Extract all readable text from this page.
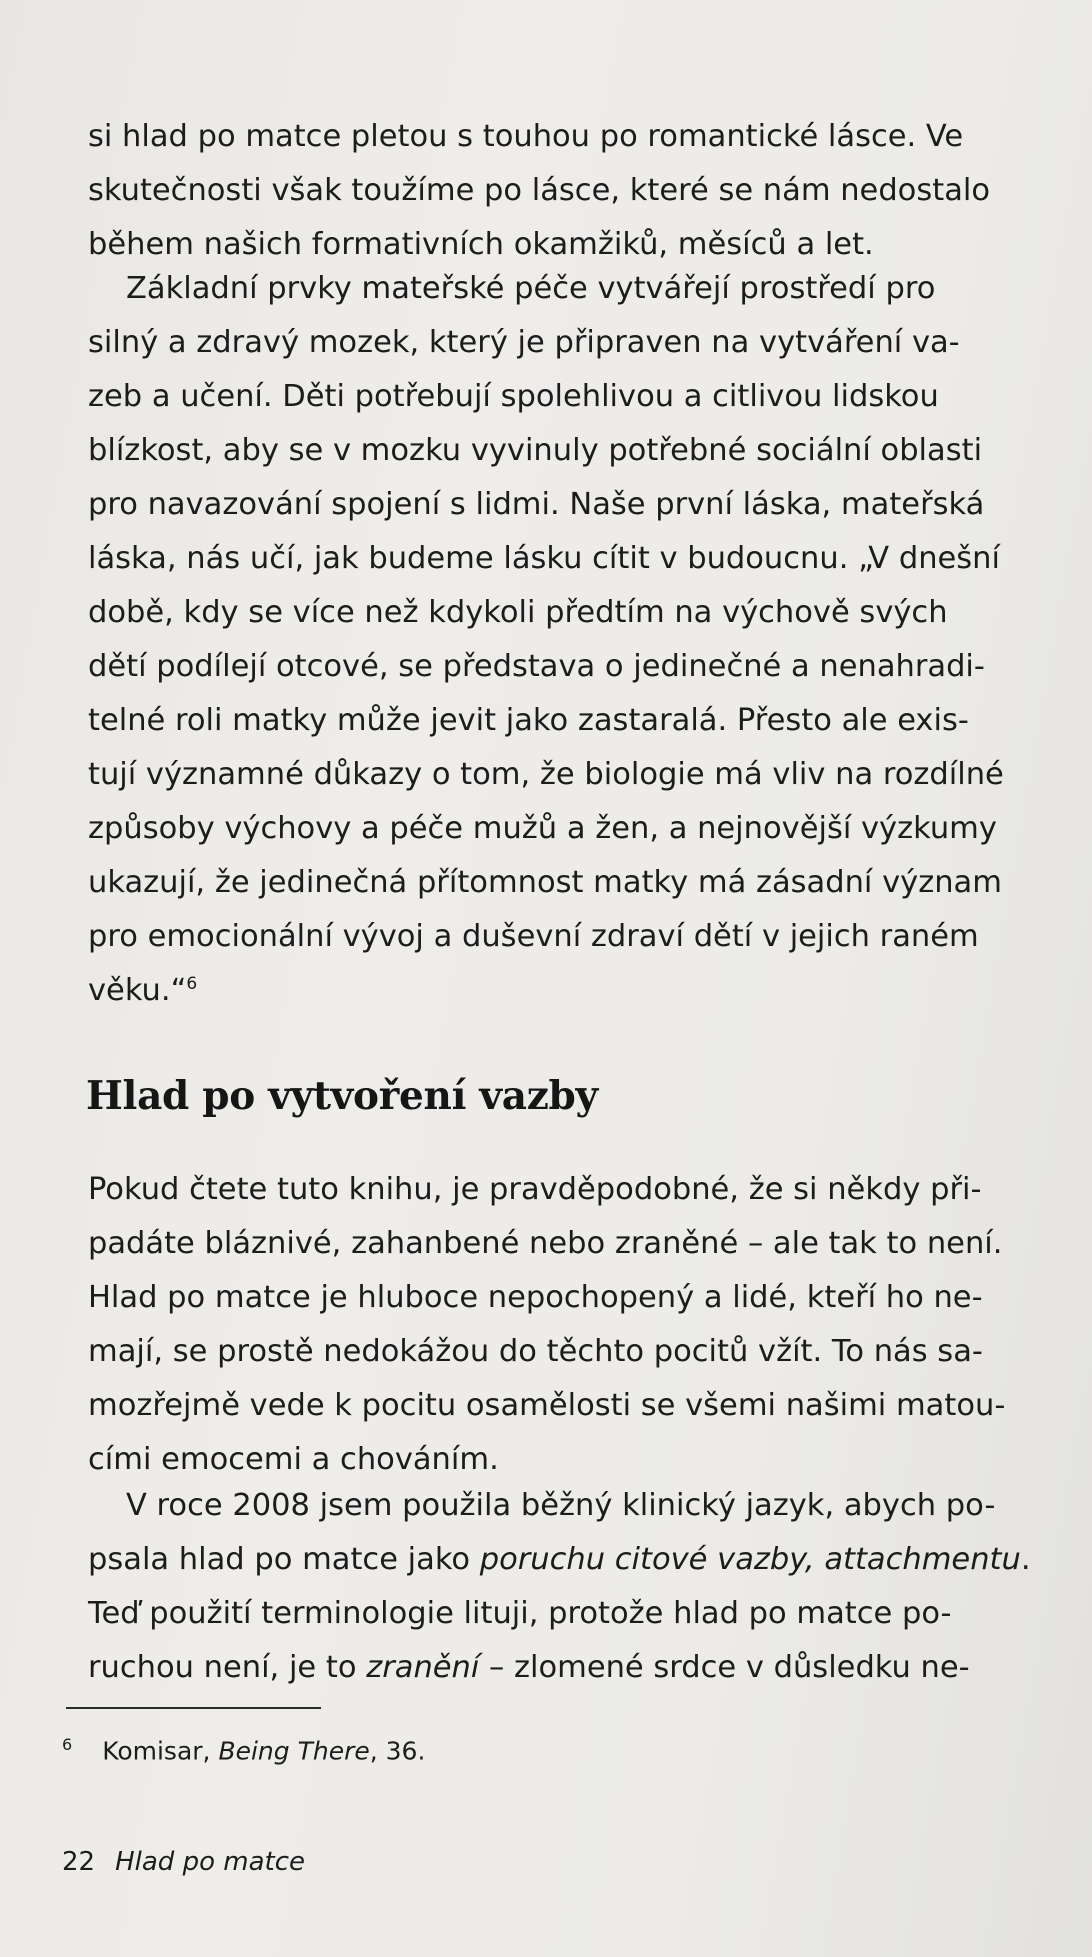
si hlad po matce pletou s touhou po romantické lásce. Ve
skutečnosti však toužíme po lásce, které se nám nedostalo
během našich formativních okamžiků, měsíců a let.

Základní prvky mateřské péče vytvářejí prostředí pro
silný a zdravý mozek, který je připraven na vytváření va-
zeb a učení. Děti potřebují spolehlivou a citlivou lidskou
blízkost, aby se v mozku vyvinuly potřebné sociální oblasti
pro navazování spojení s lidmi. Naše první láska, mateřská
láska, nás učí, jak budeme lásku cítit v budoucnu. „V dnešní
době, kdy se více než kdykoli předtím na výchově svých
dětí podílejí otcové, se představa o jedinečné a nenahradi-
telné roli matky může jevit jako zastaralá. Přesto ale exis-
tují významné důkazy o tom, že biologie má vliv na rozdílné
způsoby výchovy a péče mužů a žen, a nejnovější výzkumy
ukazují, že jedinečná přítomnost matky má zásadní význam
pro emocionální vývoj a duševní zdraví dětí v jejich raném
věku.“$^6$

Hlad po vytvoření vazby

Pokud čtete tuto knihu, je pravděpodobné, že si někdy při-
padáte bláznivé, zahanbené nebo zraněné – ale tak to není.
Hlad po matce je hluboce nepochopený a lidé, kteří ho ne-
mají, se prostě nedokážou do těchto pocitů vžít. To nás sa-
mozřejmě vede k pocitu osamělosti se všemi našimi matou-
cími emocemi a chováním.

V roce 2008 jsem použila běžný klinický jazyk, abych po-
psala hlad po matce jako poruchu citové vazby, attachmentu.
Teď použití terminologie lituji, protože hlad po matce po-
ruchou není, je to zranění – zlomené srdce v důsledku ne-

$^6$ Komisar, Being There, 36.
22 Hlad po matce
